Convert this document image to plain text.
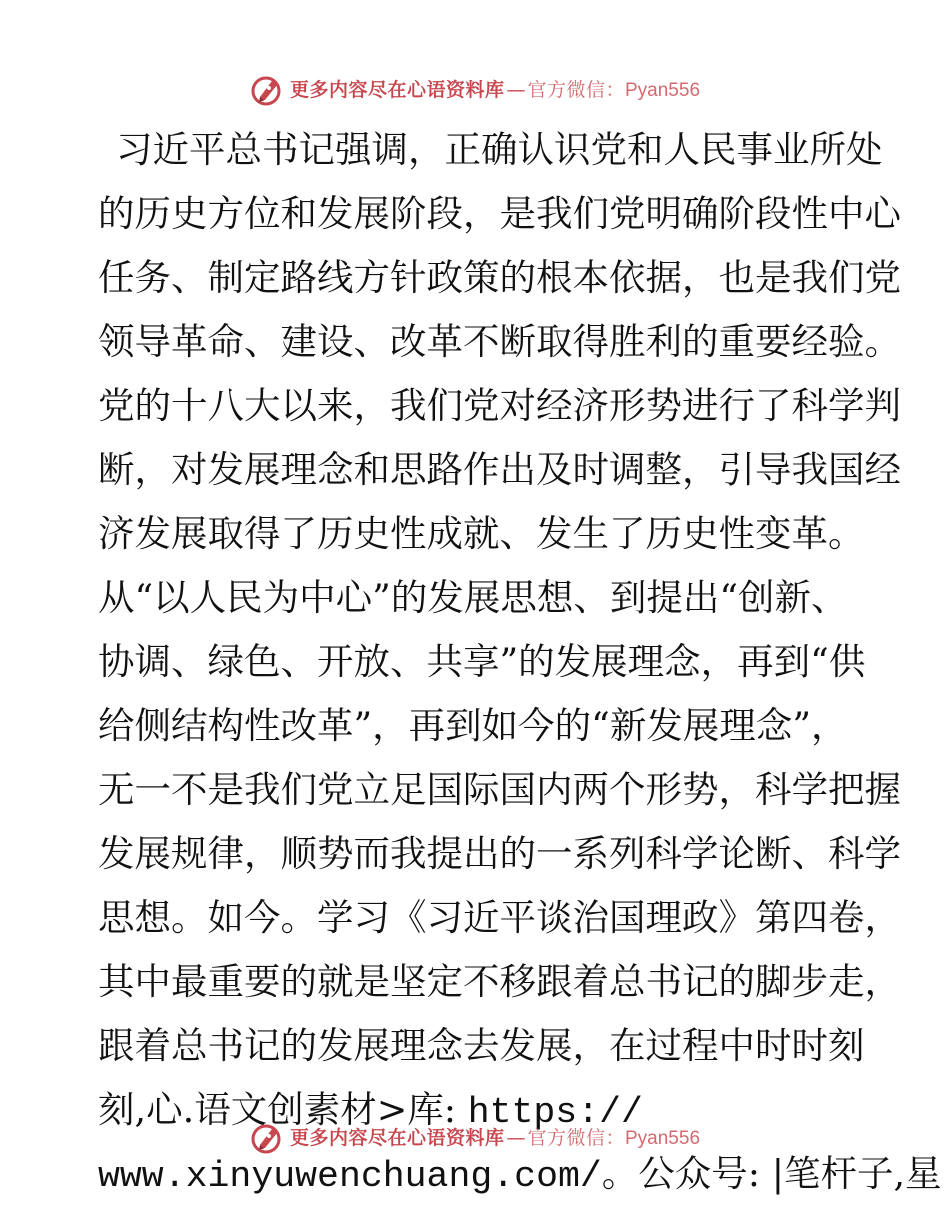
更多内容尽在心语资料库 — 官方微信： Pyan556
习近平总书记强调，正确认识党和人民事业所处
的历史方位和发展阶段，是我们党明确阶段性中心
任务、制定路线方针政策的根本依据，也是我们党
领导革命、建设、改革不断取得胜利的重要经验。
党的十八大以来，我们党对经济形势进行了科学判
断，对发展理念和思路作出及时调整，引导我国经
济发展取得了历史性成就、发生了历史性变革。
从“以人民为中心”的发展思想、到提出“创新、
协调、绿色、开放、共享”的发展理念，再到“供
给侧结构性改革”，再到如今的“新发展理念”，
无一不是我们党立足国际国内两个形势，科学把握
发展规律，顺势而我提出的一系列科学论断、科学
思想。如今。学习《习近平谈治国理政》第四卷，
其中最重要的就是坚定不移跟着总书记的脚步走，
跟着总书记的发展理念去发展，在过程中时时刻
刻,心.语文创素材>库: https://
www.xinyuwenchuang.com/。公众号: |笔杆子,星
更多内容尽在心语资料库 — 官方微信： Pyan556
